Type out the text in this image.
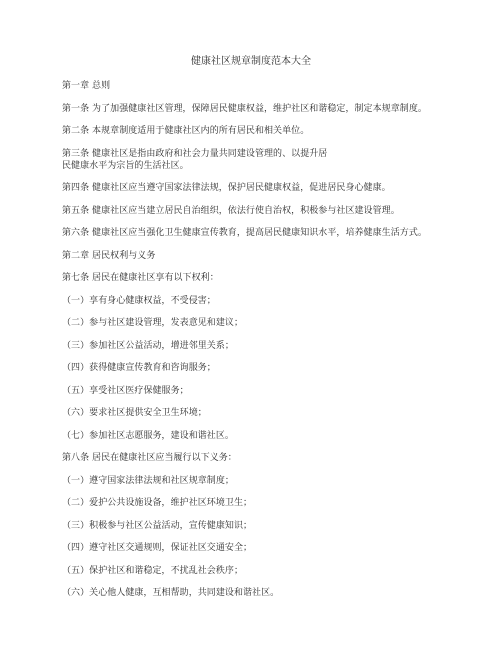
健康社区规章制度范本大全
第一章 总则
第一条 为了加强健康社区管理，保障居民健康权益，维护社区和谐稳定，制定本规章制度。
第二条 本规章制度适用于健康社区内的所有居民和相关单位。
第三条 健康社区是指由政府和社会力量共同建设管理的、以提升居民健康水平为宗旨的生活社区。
第四条 健康社区应当遵守国家法律法规，保护居民健康权益，促进居民身心健康。
第五条 健康社区应当建立居民自治组织，依法行使自治权，积极参与社区建设管理。
第六条 健康社区应当强化卫生健康宣传教育，提高居民健康知识水平，培养健康生活方式。
第二章 居民权利与义务
第七条 居民在健康社区享有以下权利：
（一）享有身心健康权益，不受侵害；
（二）参与社区建设管理，发表意见和建议；
（三）参加社区公益活动，增进邻里关系；
（四）获得健康宣传教育和咨询服务；
（五）享受社区医疗保健服务；
（六）要求社区提供安全卫生环境；
（七）参加社区志愿服务，建设和谐社区。
第八条 居民在健康社区应当履行以下义务：
（一）遵守国家法律法规和社区规章制度；
（二）爱护公共设施设备，维护社区环境卫生；
（三）积极参与社区公益活动，宣传健康知识；
（四）遵守社区交通规则，保证社区交通安全；
（五）保护社区和谐稳定，不扰乱社会秩序；
（六）关心他人健康，互相帮助，共同建设和谐社区。
